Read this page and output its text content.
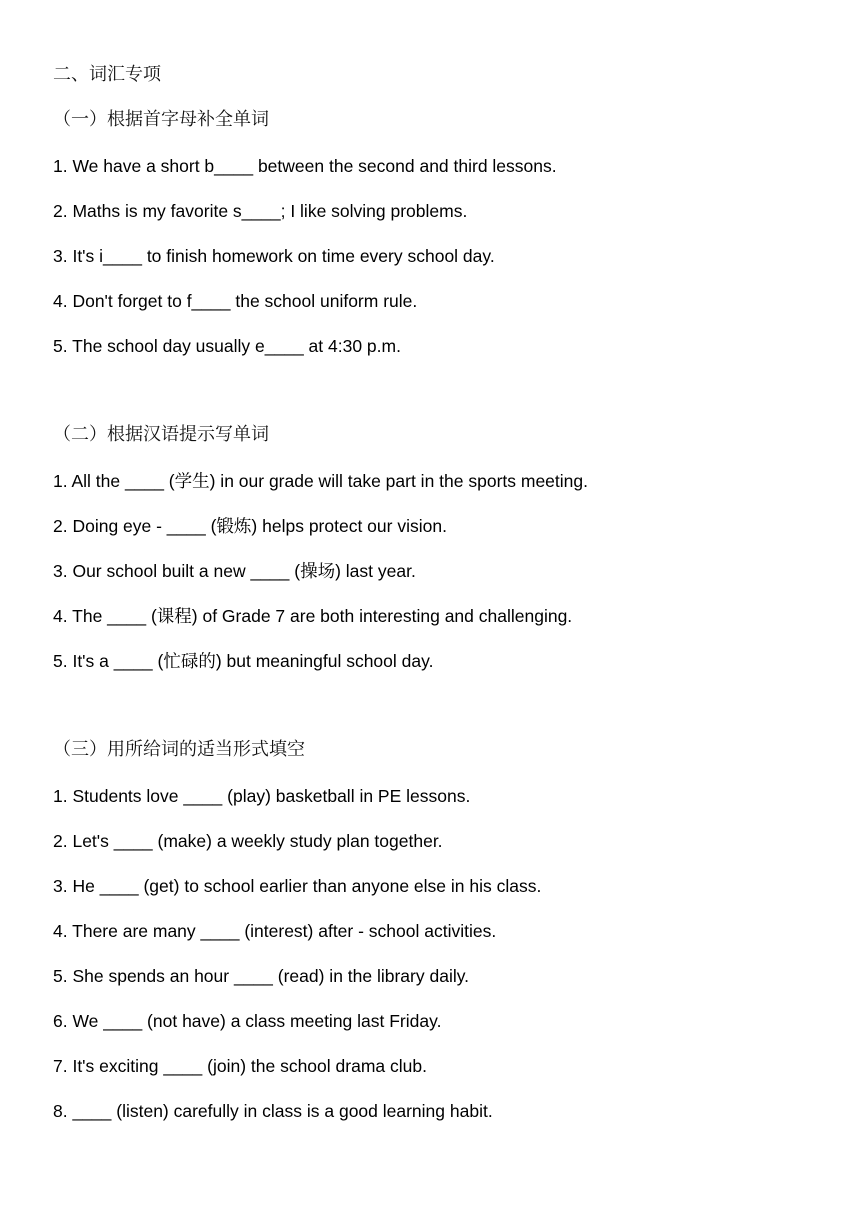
二、词汇专项
（一）根据首字母补全单词
1. We have a short b____ between the second and third lessons.
2. Maths is my favorite s____; I like solving problems.
3. It's i____ to finish homework on time every school day.
4. Don't forget to f____ the school uniform rule.
5. The school day usually e____ at 4:30 p.m.
（二）根据汉语提示写单词
1. All the ____ (学生) in our grade will take part in the sports meeting.
2. Doing eye - ____ (锻炼) helps protect our vision.
3. Our school built a new ____ (操场) last year.
4. The ____ (课程) of Grade 7 are both interesting and challenging.
5. It's a ____ (忙碌的) but meaningful school day.
（三）用所给词的适当形式填空
1. Students love ____ (play) basketball in PE lessons.
2. Let's ____ (make) a weekly study plan together.
3. He ____ (get) to school earlier than anyone else in his class.
4. There are many ____ (interest) after - school activities.
5. She spends an hour ____ (read) in the library daily.
6. We ____ (not have) a class meeting last Friday.
7. It's exciting ____ (join) the school drama club.
8. ____ (listen) carefully in class is a good learning habit.
